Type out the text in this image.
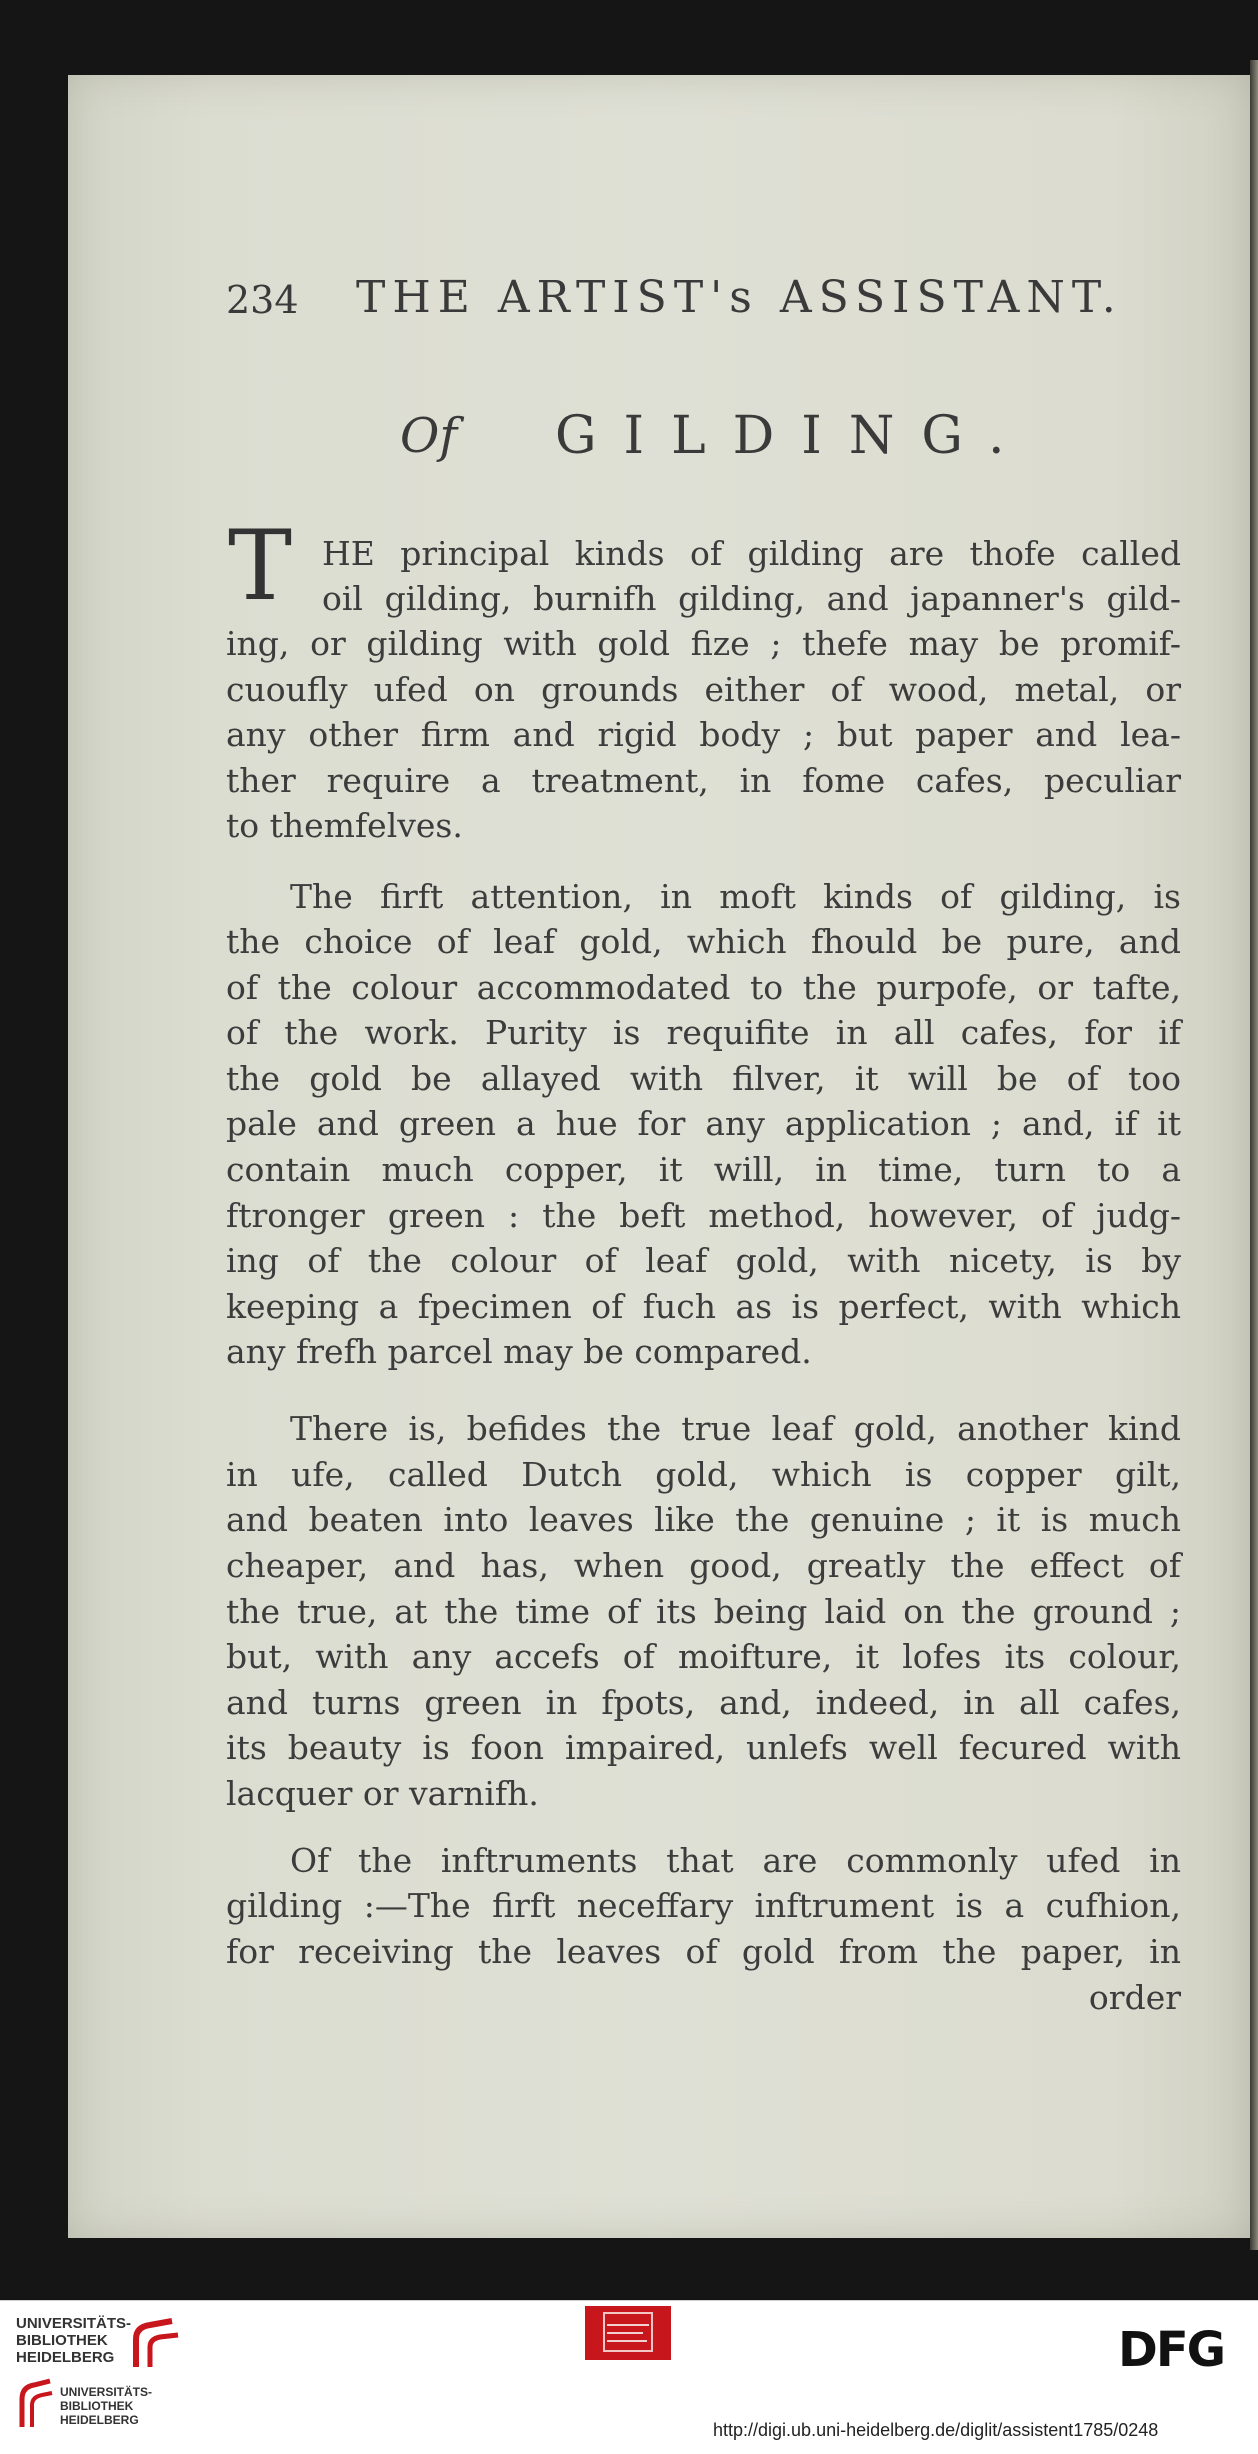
234 THE ARTIST's ASSISTANT.
Of GILDING.
T HE principal kinds of gilding are thofe called
oil gilding, burnifh gilding, and japanner's gild-
ing, or gilding with gold fize ; thefe may be promif-
cuoufly ufed on grounds either of wood, metal, or
any other firm and rigid body ; but paper and lea-
ther require a treatment, in fome cafes, peculiar
to themfelves.
The firft attention, in moft kinds of gilding, is
the choice of leaf gold, which fhould be pure, and
of the colour accommodated to the purpofe, or tafte,
of the work. Purity is requifite in all cafes, for if
the gold be allayed with filver, it will be of too
pale and green a hue for any application ; and, if it
contain much copper, it will, in time, turn to a
ftronger green : the beft method, however, of judg-
ing of the colour of leaf gold, with nicety, is by
keeping a fpecimen of fuch as is perfect, with which
any frefh parcel may be compared.
There is, befides the true leaf gold, another kind
in ufe, called Dutch gold, which is copper gilt,
and beaten into leaves like the genuine ; it is much
cheaper, and has, when good, greatly the effect of
the true, at the time of its being laid on the ground ;
but, with any accefs of moifture, it lofes its colour,
and turns green in fpots, and, indeed, in all cafes,
its beauty is foon impaired, unlefs well fecured with
lacquer or varnifh.
Of the inftruments that are commonly ufed in
gilding :—The firft neceffary inftrument is a cufhion,
for receiving the leaves of gold from the paper, in
order
UNIVERSITÄTS-
BIBLIOTHEK
HEIDELBERG
UNIVERSITÄTS-
BIBLIOTHEK
HEIDELBERG
DFG
http://digi.ub.uni-heidelberg.de/diglit/assistent1785/0248
